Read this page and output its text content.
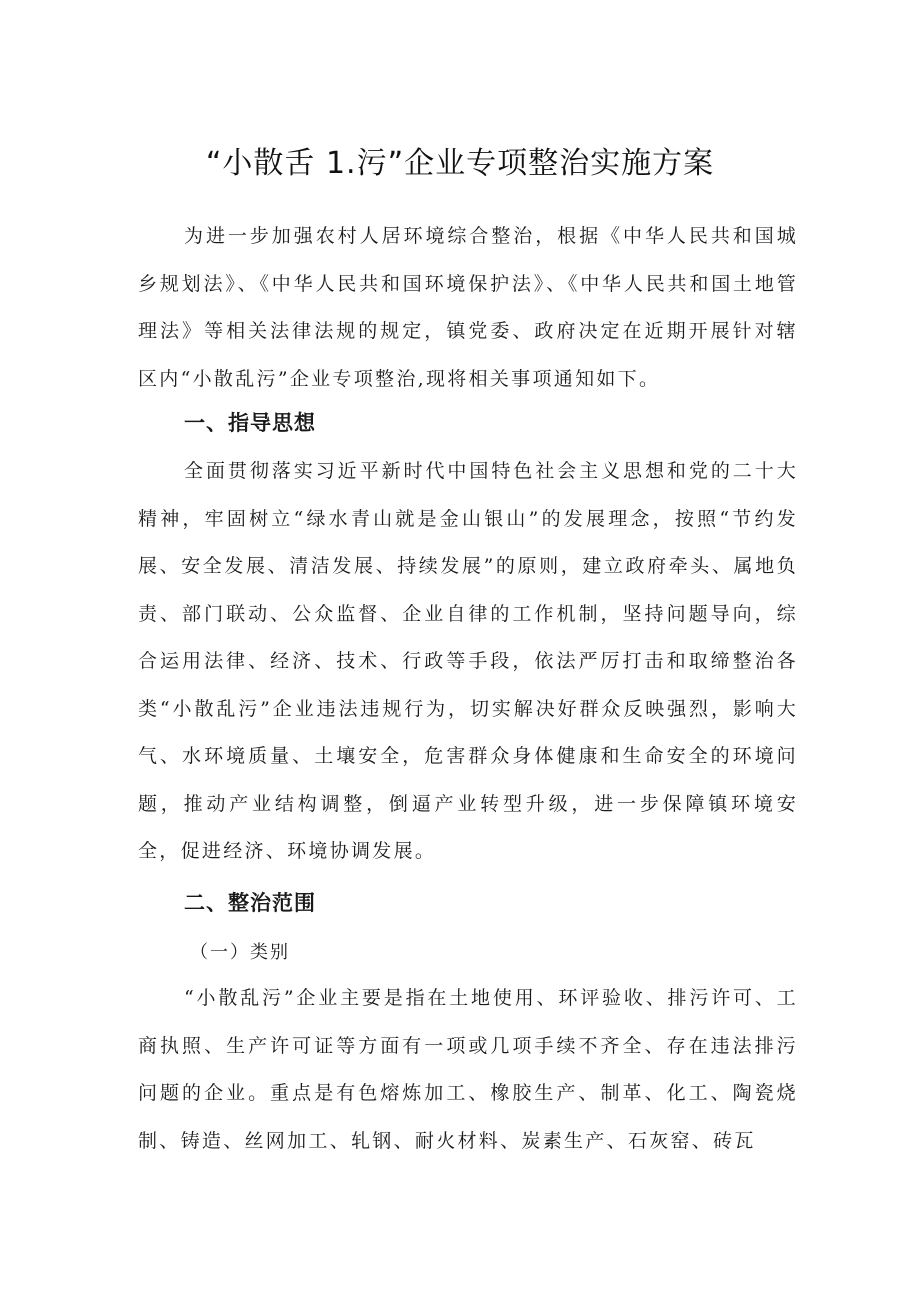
“小散舌 1.污”企业专项整治实施方案

为进一步加强农村人居环境综合整治，根据《中华人民共和国城乡规划法》、《中华人民共和国环境保护法》、《中华人民共和国土地管理法》等相关法律法规的规定，镇党委、政府决定在近期开展针对辖区内“小散乱污”企业专项整治,现将相关事项通知如下。

一、指导思想

全面贯彻落实习近平新时代中国特色社会主义思想和党的二十大精神，牢固树立“绿水青山就是金山银山”的发展理念，按照“节约发展、安全发展、清洁发展、持续发展”的原则，建立政府牵头、属地负责、部门联动、公众监督、企业自律的工作机制，坚持问题导向，综合运用法律、经济、技术、行政等手段，依法严厉打击和取缔整治各类“小散乱污”企业违法违规行为，切实解决好群众反映强烈，影响大气、水环境质量、土壤安全，危害群众身体健康和生命安全的环境问题，推动产业结构调整，倒逼产业转型升级，进一步保障镇环境安全，促进经济、环境协调发展。

二、整治范围

（一）类别

“小散乱污”企业主要是指在土地使用、环评验收、排污许可、工商执照、生产许可证等方面有一项或几项手续不齐全、存在违法排污问题的企业。重点是有色熔炼加工、橡胶生产、制革、化工、陶瓷烧制、铸造、丝网加工、轧钢、耐火材料、炭素生产、石灰窑、砖瓦
